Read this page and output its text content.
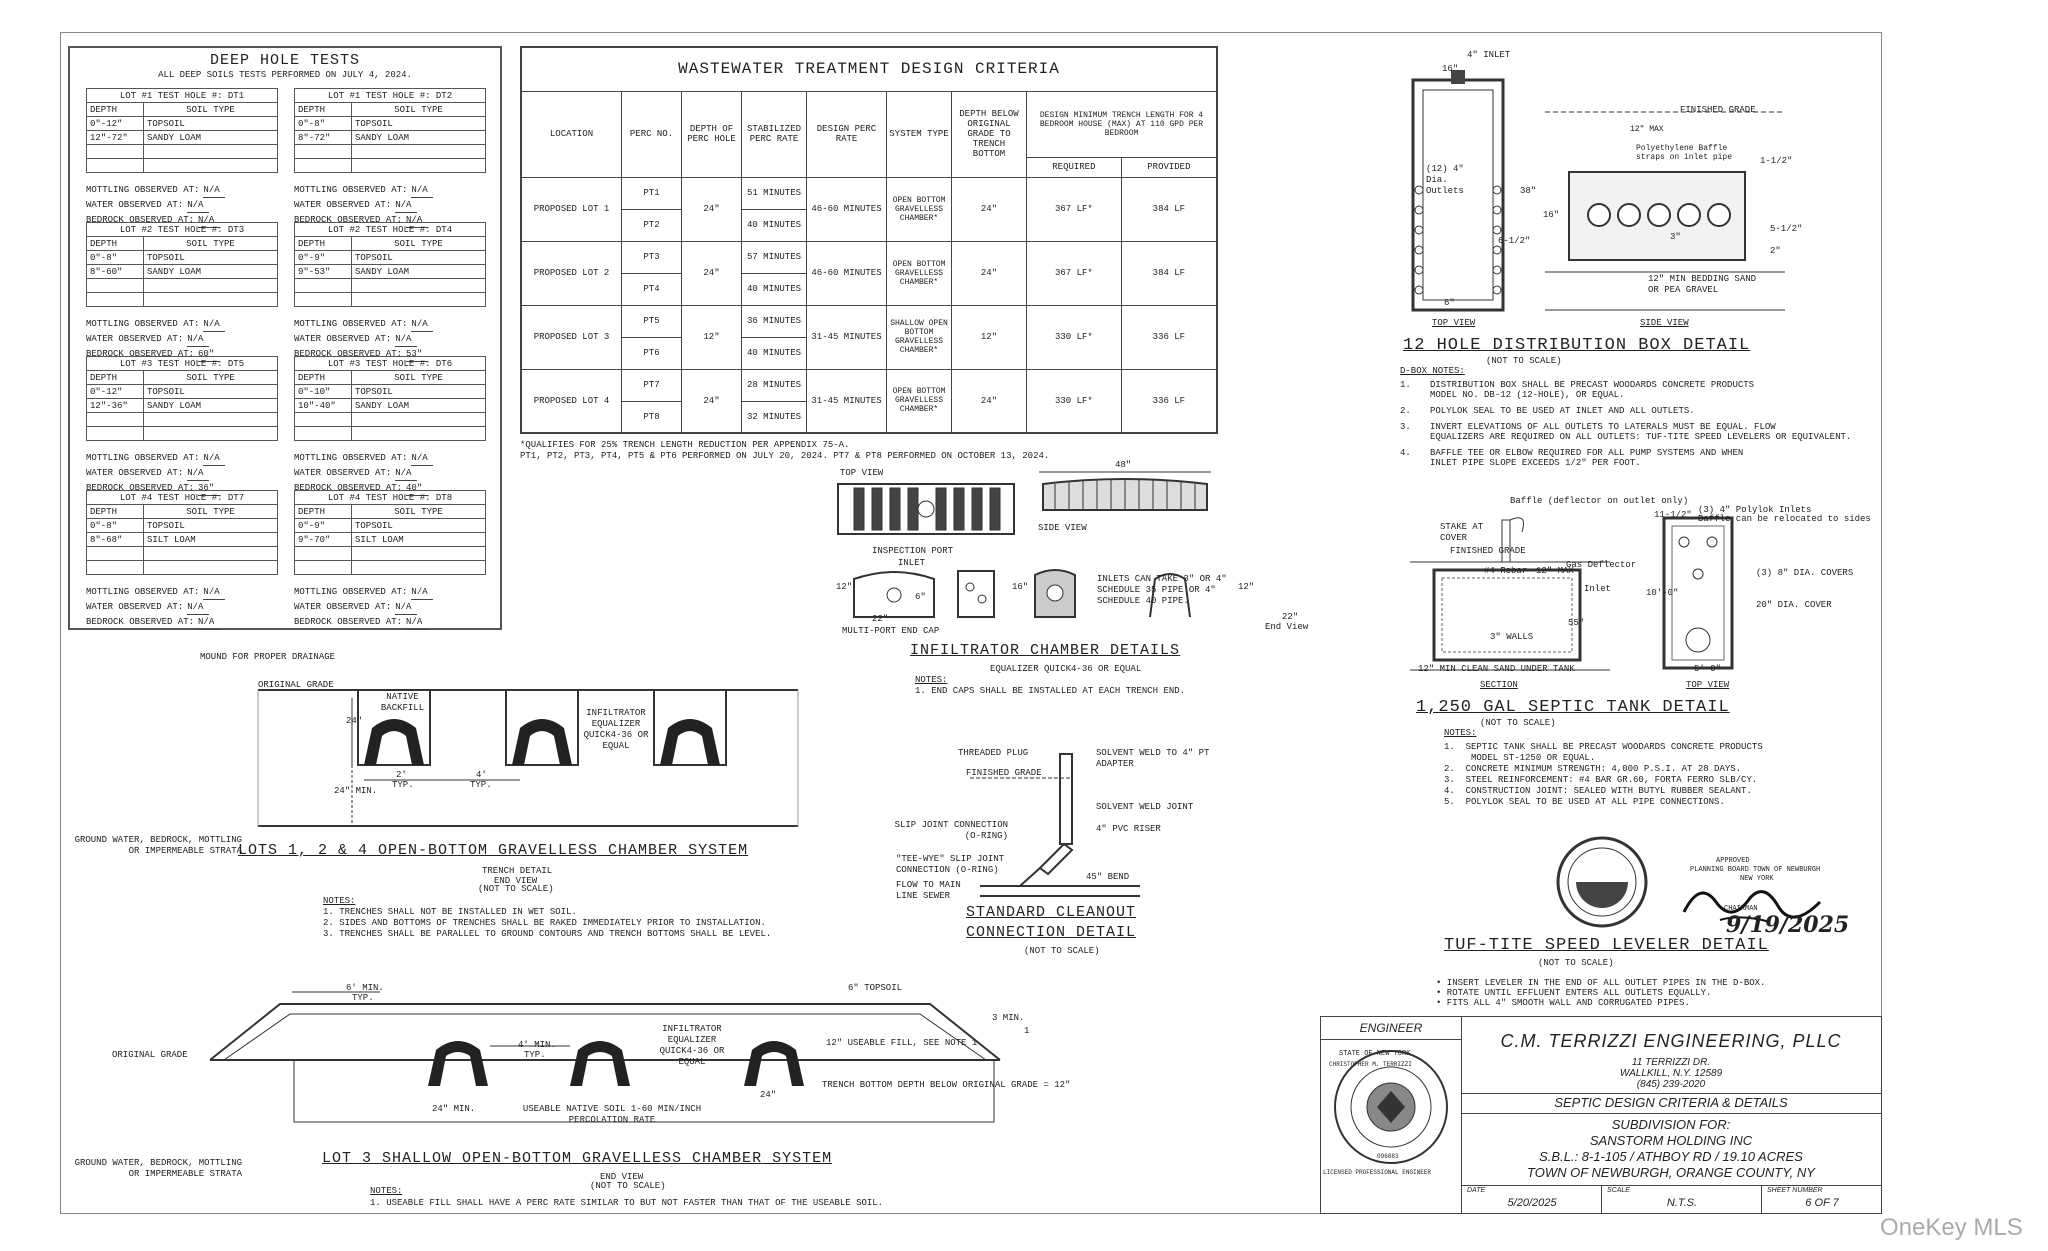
DEEP HOLE TESTS
ALL DEEP SOILS TESTS PERFORMED ON JULY 4, 2024.
LOT #1 TEST HOLE #: DT1	
DEPTH	SOIL TYPE
0"-12"	TOPSOIL
12"-72"	SANDY LOAM

MOTTLING OBSERVED AT: N/A
WATER OBSERVED AT: N/A
BEDROCK OBSERVED AT: N/A
LOT #1 TEST HOLE #: DT2	
DEPTH	SOIL TYPE
0"-8"	TOPSOIL
8"-72"	SANDY LOAM

MOTTLING OBSERVED AT: N/A
WATER OBSERVED AT: N/A
BEDROCK OBSERVED AT: N/A
LOT #2 TEST HOLE #: DT3	
DEPTH	SOIL TYPE
0"-8"	TOPSOIL
8"-60"	SANDY LOAM

MOTTLING OBSERVED AT: N/A
WATER OBSERVED AT: N/A
BEDROCK OBSERVED AT: 60"
LOT #2 TEST HOLE #: DT4	
DEPTH	SOIL TYPE
0"-9"	TOPSOIL
9"-53"	SANDY LOAM

MOTTLING OBSERVED AT: N/A
WATER OBSERVED AT: N/A
BEDROCK OBSERVED AT: 53"
LOT #3 TEST HOLE #: DT5	
DEPTH	SOIL TYPE
0"-12"	TOPSOIL
12"-36"	SANDY LOAM

MOTTLING OBSERVED AT: N/A
WATER OBSERVED AT: N/A
BEDROCK OBSERVED AT: 36"
LOT #3 TEST HOLE #: DT6	
DEPTH	SOIL TYPE
0"-10"	TOPSOIL
10"-40"	SANDY LOAM

MOTTLING OBSERVED AT: N/A
WATER OBSERVED AT: N/A
BEDROCK OBSERVED AT: 40"
LOT #4 TEST HOLE #: DT7	
DEPTH	SOIL TYPE
0"-8"	TOPSOIL
8"-68"	SILT LOAM

MOTTLING OBSERVED AT: N/A
WATER OBSERVED AT: N/A
BEDROCK OBSERVED AT: N/A
LOT #4 TEST HOLE #: DT8	
DEPTH	SOIL TYPE
0"-9"	TOPSOIL
9"-70"	SILT LOAM

MOTTLING OBSERVED AT: N/A
WATER OBSERVED AT: N/A
BEDROCK OBSERVED AT: N/A
WASTEWATER TREATMENT DESIGN CRITERIA								
LOCATION	PERC NO.	DEPTH OF PERC HOLE	STABILIZED PERC RATE	DESIGN PERC RATE	SYSTEM TYPE	DEPTH BELOW ORIGINAL GRADE TO TRENCH BOTTOM	DESIGN MINIMUM TRENCH LENGTH FOR 4 BEDROOM HOUSE (MAX) AT 110 GPD PER BEDROOM	
							REQUIRED	PROVIDED
PROPOSED LOT 1	PT1	24"	51 MINUTES	46-60 MINUTES	OPEN BOTTOM GRAVELLESS CHAMBER*	24"	367 LF*	384 LF
	PT2		40 MINUTES					
PROPOSED LOT 2	PT3	24"	57 MINUTES	46-60 MINUTES	OPEN BOTTOM GRAVELLESS CHAMBER*	24"	367 LF*	384 LF
	PT4		40 MINUTES					
PROPOSED LOT 3	PT5	12"	36 MINUTES	31-45 MINUTES	SHALLOW OPEN BOTTOM GRAVELLESS CHAMBER*	12"	330 LF*	336 LF
	PT6		40 MINUTES					
PROPOSED LOT 4	PT7	24"	28 MINUTES	31-45 MINUTES	OPEN BOTTOM GRAVELLESS CHAMBER*	24"	330 LF*	336 LF
	PT8		32 MINUTES					
*QUALIFIES FOR 25% TRENCH LENGTH REDUCTION PER APPENDIX 75-A.
PT1, PT2, PT3, PT4, PT5 & PT6 PERFORMED ON JULY 20, 2024. PT7 & PT8 PERFORMED ON OCTOBER 13, 2024.
TOP VIEW
48"
SIDE VIEW
INSPECTION PORT
INLET
12"
6"
22"
16"
INLETS CAN TAKE 3" OR 4" SCHEDULE 35 PIPE OR 4" SCHEDULE 40 PIPE.
12"
22"
End View
MULTI-PORT END CAP
INFILTRATOR CHAMBER DETAILS
EQUALIZER QUICK4-36 OR EQUAL
NOTES:
1. END CAPS SHALL BE INSTALLED AT EACH TRENCH END.
MOUND FOR PROPER DRAINAGE
ORIGINAL GRADE
NATIVE BACKFILL	INFILTRATOR EQUALIZER QUICK4-36 OR EQUAL
24"
2'
TYP.
4'
TYP.
24" MIN.
GROUND WATER, BEDROCK, MOTTLING OR IMPERMEABLE STRATA
LOTS 1, 2 & 4 OPEN-BOTTOM GRAVELLESS CHAMBER SYSTEM
TRENCH DETAIL
END VIEW
(NOT TO SCALE)
NOTES:
1. TRENCHES SHALL NOT BE INSTALLED IN WET SOIL.
2. SIDES AND BOTTOMS OF TRENCHES SHALL BE RAKED IMMEDIATELY PRIOR TO INSTALLATION.
3. TRENCHES SHALL BE PARALLEL TO GROUND CONTOURS AND TRENCH BOTTOMS SHALL BE LEVEL.
THREADED PLUG	SOLVENT WELD TO 4" PT ADAPTER
FINISHED GRADE
SOLVENT WELD JOINT
4" PVC RISER
SLIP JOINT CONNECTION (O-RING)
"TEE-WYE" SLIP JOINT CONNECTION (O-RING)
45" BEND
FLOW TO MAIN LINE SEWER
STANDARD CLEANOUT
CONNECTION DETAIL
(NOT TO SCALE)
6' MIN.
TYP.
6" TOPSOIL
3 MIN.
1
ORIGINAL GRADE
INFILTRATOR EQUALIZER QUICK4-36 OR EQUAL
4' MIN.
TYP.
12" USEABLE FILL, SEE NOTE 1
24"
TRENCH BOTTOM DEPTH BELOW ORIGINAL GRADE = 12"
24" MIN.	USEABLE NATIVE SOIL 1-60 MIN/INCH PERCOLATION RATE
GROUND WATER, BEDROCK, MOTTLING OR IMPERMEABLE STRATA
LOT 3 SHALLOW OPEN-BOTTOM GRAVELLESS CHAMBER SYSTEM
END VIEW
(NOT TO SCALE)
NOTES:
1. USEABLE FILL SHALL HAVE A PERC RATE SIMILAR TO BUT NOT FASTER THAN THAT OF THE USEABLE SOIL.
4" INLET
16"
(12) 4" Dia. Outlets	38"
6-1/2"
6"
TOP VIEW
FINISHED GRADE
Polyethylene Baffle straps on inlet pipe
12" MAX
1-1/2"
16"
3"
5-1/2"
2"
12" MIN BEDDING SAND OR PEA GRAVEL
SIDE VIEW
12 HOLE DISTRIBUTION BOX DETAIL
(NOT TO SCALE)
D-BOX NOTES:
1. DISTRIBUTION BOX SHALL BE PRECAST WOODARDS CONCRETE PRODUCTS
MODEL NO. DB-12 (12-HOLE), OR EQUAL.
2. POLYLOK SEAL TO BE USED AT INLET AND ALL OUTLETS.
3. INVERT ELEVATIONS OF ALL OUTLETS TO LATERALS MUST BE EQUAL. FLOW
EQUALIZERS ARE REQUIRED ON ALL OUTLETS: TUF-TITE SPEED LEVELERS OR EQUIVALENT.
4. BAFFLE TEE OR ELBOW REQUIRED FOR ALL PUMP SYSTEMS AND WHEN
INLET PIPE SLOPE EXCEEDS 1/2" PER FOOT.
Baffle (deflector on outlet only)
STAKE AT COVER
FINISHED GRADE
#4 Rebar 12" MAX
Gas Deflector
Inlet
3" WALLS
55"
12" MIN CLEAN SAND UNDER TANK
SECTION
11-1/2" (3) 4" Polylok Inlets
Baffle can be relocated to sides
(3) 8" DIA. COVERS
20" DIA. COVER
10'-0"
5'-0"
TOP VIEW
1,250 GAL SEPTIC TANK DETAIL
(NOT TO SCALE)
NOTES:
1.  SEPTIC TANK SHALL BE PRECAST WOODARDS CONCRETE PRODUCTS
MODEL ST-1250 OR EQUAL.
2.  CONCRETE MINIMUM STRENGTH: 4,000 P.S.I. AT 28 DAYS.
3.  STEEL REINFORCEMENT: #4 BAR GR.60, FORTA FERRO SLB/CY.
4.  CONSTRUCTION JOINT: SEALED WITH BUTYL RUBBER SEALANT.
5.  POLYLOK SEAL TO BE USED AT ALL PIPE CONNECTIONS.
APPROVED
PLANNING BOARD TOWN OF NEWBURGH
NEW YORK
CHAIRMAN
9/19/2025
TUF-TITE SPEED LEVELER DETAIL
(NOT TO SCALE)
• INSERT LEVELER IN THE END OF ALL OUTLET PIPES IN THE D-BOX.
• ROTATE UNTIL EFFLUENT ENTERS ALL OUTLETS EQUALLY.
• FITS ALL 4" SMOOTH WALL AND CORRUGATED PIPES.
ENGINEER
STATE OF NEW YORK
CHRISTOPHER M. TERRIZZI
096883
LICENSED PROFESSIONAL ENGINEER
C.M. TERRIZZI ENGINEERING, PLLC
11 TERRIZZI DR.
WALLKILL, N.Y. 12589
(845) 239-2020
SEPTIC DESIGN CRITERIA & DETAILS
SUBDIVISION FOR:
SANSTORM HOLDING INC
S.B.L.: 8-1-105 / ATHBOY RD / 19.10 ACRES
TOWN OF NEWBURGH, ORANGE COUNTY, NY
DATE
5/20/2025
SCALE
N.T.S.
SHEET NUMBER
6 OF 7
OneKey MLS
